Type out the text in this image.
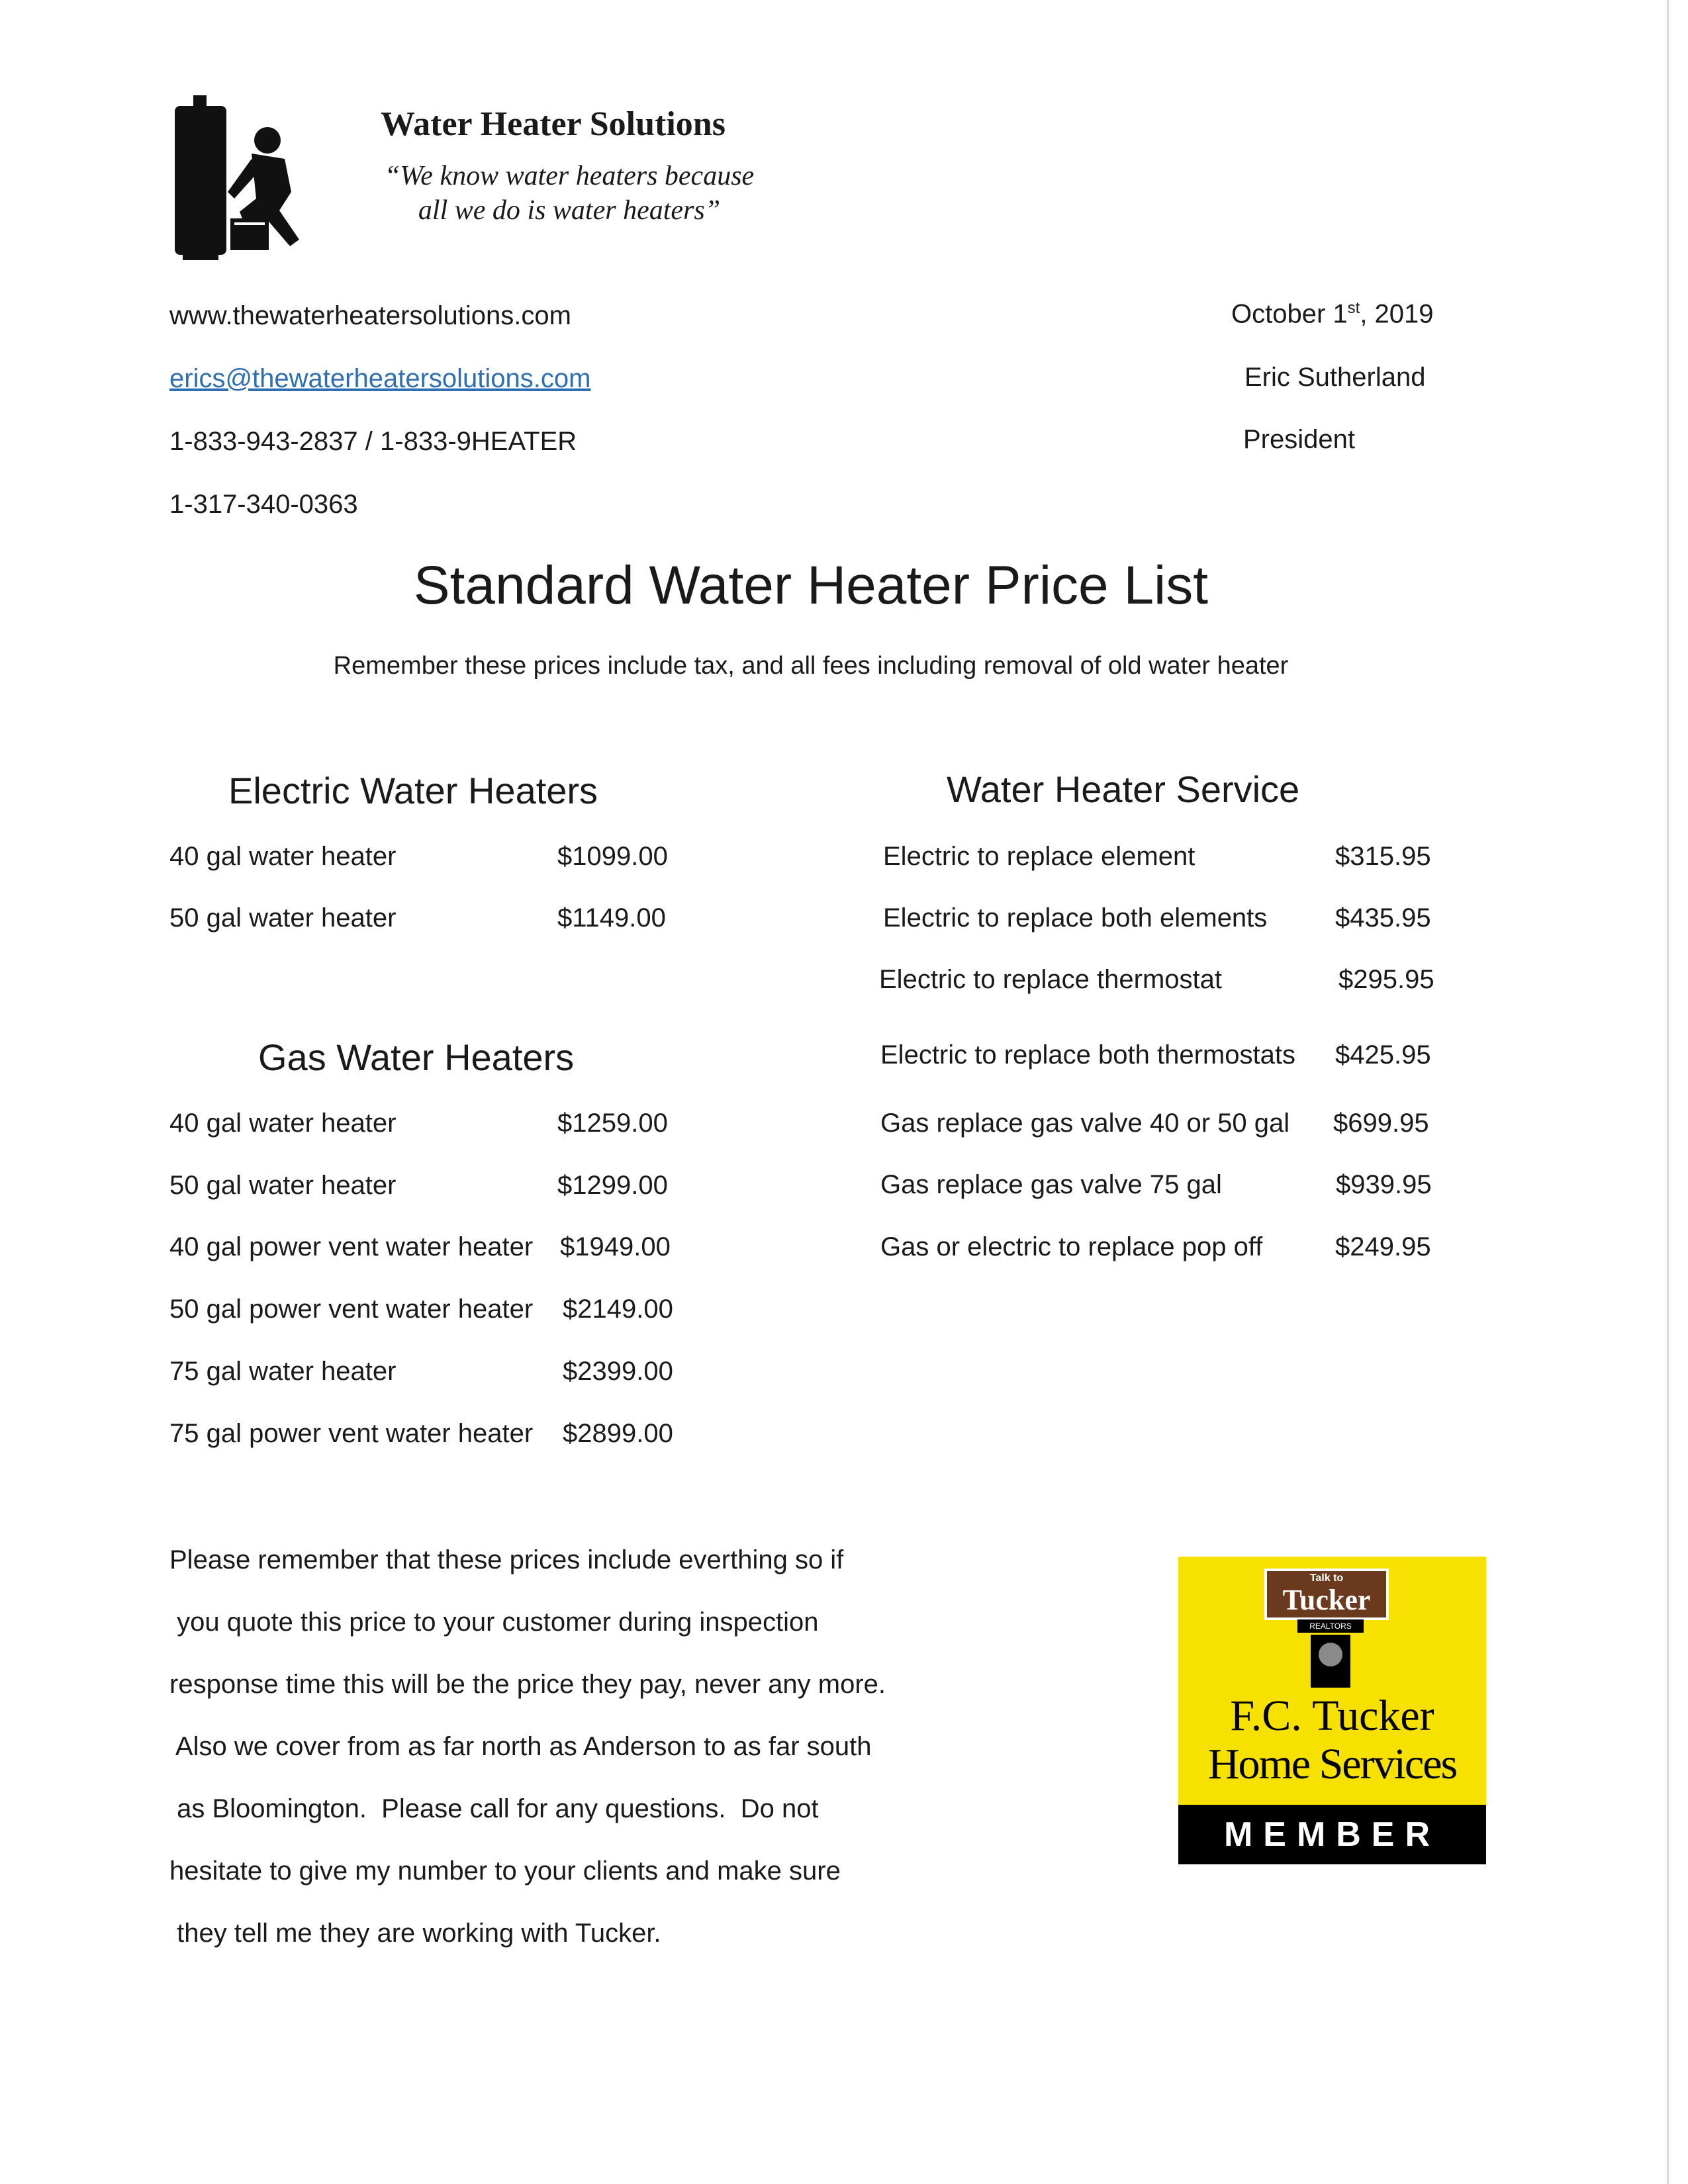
Water Heater Solutions
“We know water heaters because
all we do is water heaters”
www.thewaterheatersolutions.com
erics@thewaterheatersolutions.com
1-833-943-2837 / 1-833-9HEATER
1-317-340-0363
October 1st, 2019
Eric Sutherland
President
Standard Water Heater Price List
Remember these prices include tax, and all fees including removal of old water heater
Electric Water Heaters
40 gal water heater	$1099.00
50 gal water heater	$1149.00
Gas Water Heaters
40 gal water heater	$1259.00
50 gal water heater	$1299.00
40 gal power vent water heater $1949.00
50 gal power vent water heater $2149.00
75 gal water heater	$2399.00
75 gal power vent water heater $2899.00
Water Heater Service
Electric to replace element	$315.95
Electric to replace both elements	$435.95
Electric to replace thermostat	$295.95
Electric to replace both thermostats $425.95
Gas replace gas valve 40 or 50 gal $699.95
Gas replace gas valve 75 gal	$939.95
Gas or electric to replace pop off	$249.95
Please remember that these prices include everthing so if
you quote this price to your customer during inspection
response time this will be the price they pay, never any more.
Also we cover from as far north as Anderson to as far south
as Bloomington.  Please call for any questions.  Do not
hesitate to give my number to your clients and make sure
they tell me they are working with Tucker.
Talk to
Tucker
REALTORS
F.C. Tucker
Home Services
MEMBER
